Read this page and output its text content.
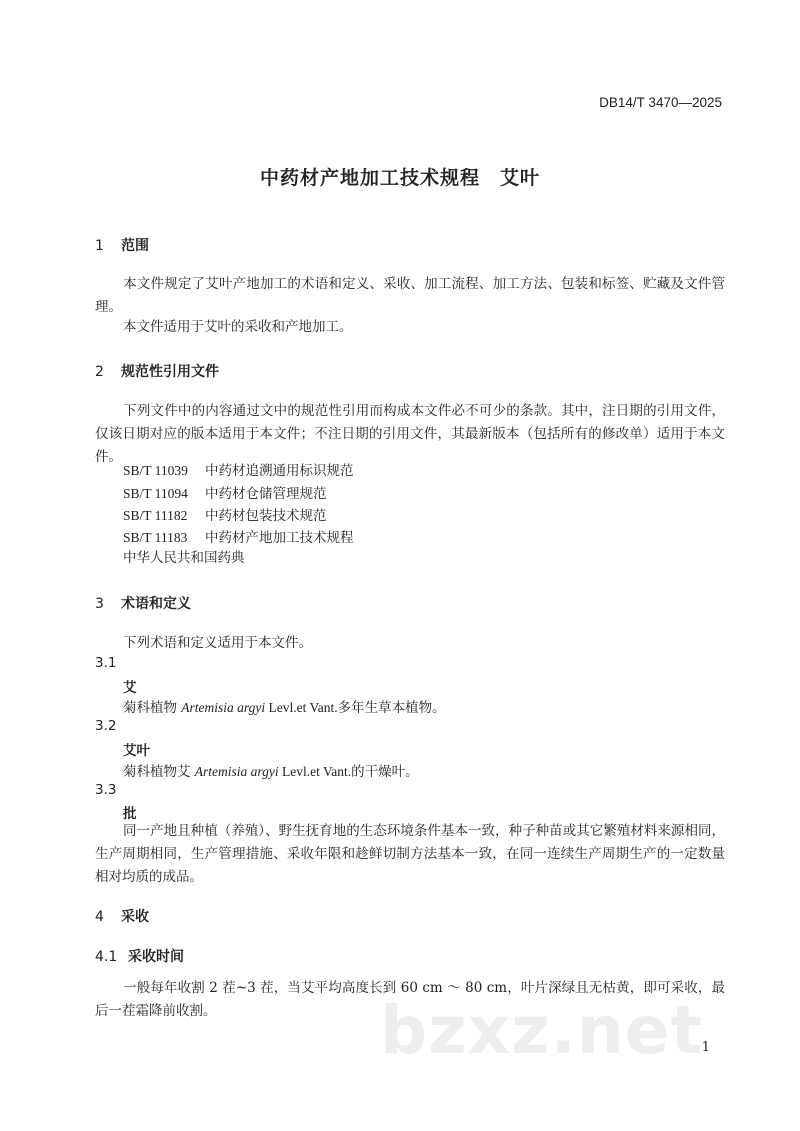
DB14/T 3470—2025
中药材产地加工技术规程　艾叶
1 范围

本文件规定了艾叶产地加工的术语和定义、采收、加工流程、加工方法、包装和标签、贮藏及文件管理。

本文件适用于艾叶的采收和产地加工。

2 规范性引用文件

下列文件中的内容通过文中的规范性引用而构成本文件必不可少的条款。其中，注日期的引用文件，仅该日期对应的版本适用于本文件；不注日期的引用文件，其最新版本（包括所有的修改单）适用于本文件。

SB/T 11039 中药材追溯通用标识规范
SB/T 11094 中药材仓储管理规范
SB/T 11182 中药材包装技术规范
SB/T 11183 中药材产地加工技术规程
中华人民共和国药典
3 术语和定义
下列术语和定义适用于本文件。
3.1
艾
菊科植物 Artemisia argyi Levl.et Vant.多年生草本植物。
3.2
艾叶
菊科植物艾 Artemisia argyi Levl.et Vant.的干燥叶。
3.3
批

同一产地且种植（养殖）、野生抚育地的生态环境条件基本一致，种子种苗或其它繁殖材料来源相同，生产周期相同，生产管理措施、采收年限和趁鲜切制方法基本一致，在同一连续生产周期生产的一定数量相对均质的成品。

4 采收
4.1 采收时间

一般每年收割 2 茬~3 茬，当艾平均高度长到 60 cm ～ 80 cm，叶片深绿且无枯黄，即可采收，最后一茬霜降前收割。	bzxz.net
1
